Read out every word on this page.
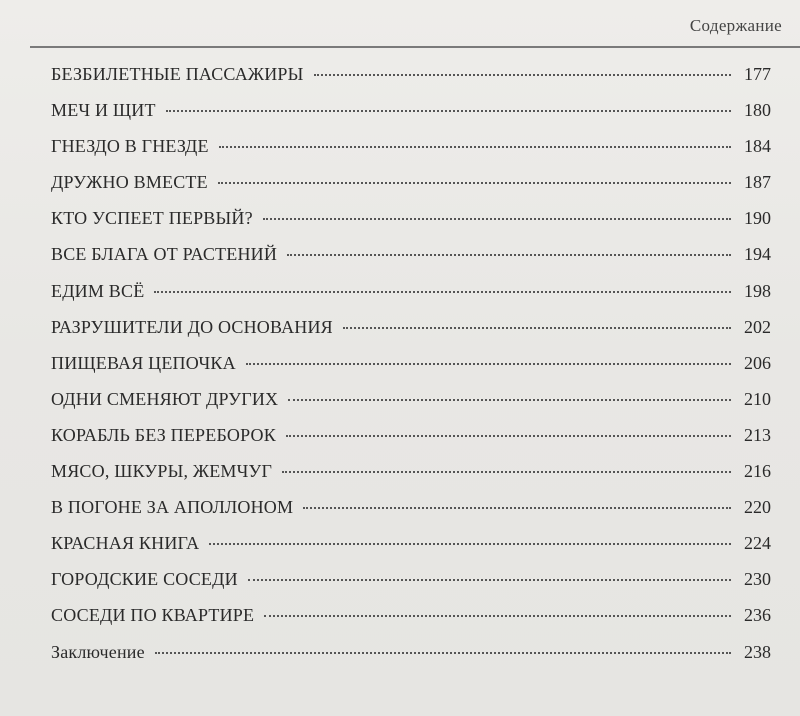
Содержание
БЕЗБИЛЕТНЫЕ ПАССАЖИРЫ	177
МЕЧ И ЩИТ	180
ГНЕЗДО В ГНЕЗДЕ	184
ДРУЖНО ВМЕСТЕ	187
КТО УСПЕЕТ ПЕРВЫЙ?	190
ВСЕ БЛАГА ОТ РАСТЕНИЙ	194
ЕДИМ ВСЁ	198
РАЗРУШИТЕЛИ ДО ОСНОВАНИЯ	202
ПИЩЕВАЯ ЦЕПОЧКА	206
ОДНИ СМЕНЯЮТ ДРУГИХ	210
КОРАБЛЬ БЕЗ ПЕРЕБОРОК	213
МЯСО, ШКУРЫ, ЖЕМЧУГ	216
В ПОГОНЕ ЗА АПОЛЛОНОМ	220
КРАСНАЯ КНИГА	224
ГОРОДСКИЕ СОСЕДИ	230
СОСЕДИ ПО КВАРТИРЕ	236
Заключение	238
